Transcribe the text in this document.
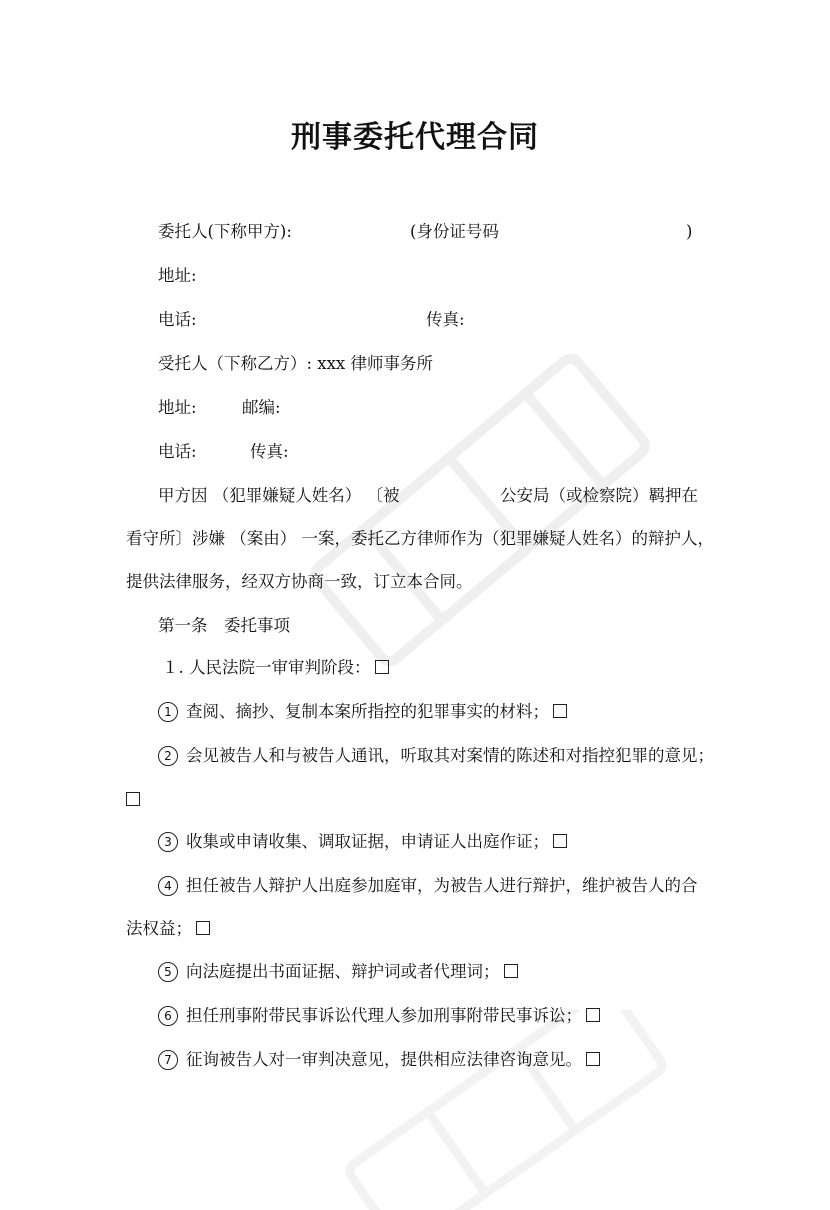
刑事委托代理合同
委托人(下称甲方):	(身份证号码	)
地址:
电话:	传真:
受托人（下称乙方）: xxx 律师事务所
地址:	邮编:
电话:	传真:
甲方因 （犯罪嫌疑人姓名） 〔被	公安局（或检察院）羁押在
看守所〕涉嫌 （案由） 一案，委托乙方律师作为（犯罪嫌疑人姓名）的辩护人，
提供法律服务，经双方协商一致，订立本合同。
第一条　委托事项
１. 人民法院一审审判阶段：
1 查阅、摘抄、复制本案所指控的犯罪事实的材料；
2 会见被告人和与被告人通讯，听取其对案情的陈述和对指控犯罪的意见；
3 收集或申请收集、调取证据，申请证人出庭作证；
4 担任被告人辩护人出庭参加庭审，为被告人进行辩护，维护被告人的合
法权益；
5 向法庭提出书面证据、辩护词或者代理词；
6 担任刑事附带民事诉讼代理人参加刑事附带民事诉讼；
7 征询被告人对一审判决意见，提供相应法律咨询意见。
